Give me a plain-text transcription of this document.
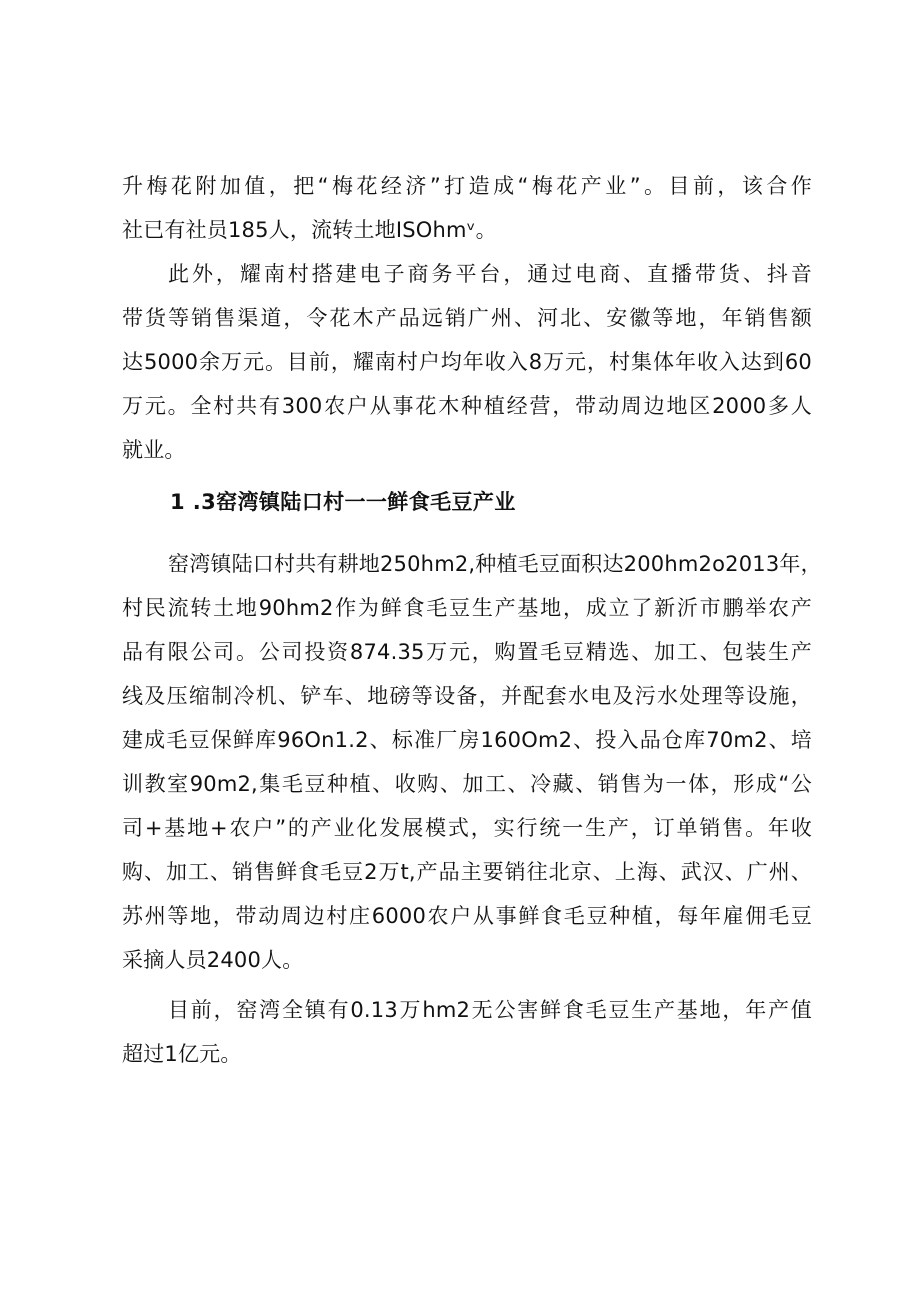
升梅花附加值，把“梅花经济”打造成“梅花产业”。目前，该合作
社已有社员185人，流转土地ISOhmᵛ。
此外，耀南村搭建电子商务平台，通过电商、直播带货、抖音
带货等销售渠道，令花木产品远销广州、河北、安徽等地，年销售额
达5000余万元。目前，耀南村户均年收入8万元，村集体年收入达到60
万元。全村共有300农户从事花木种植经营，带动周边地区2000多人
就业。
1 .3窑湾镇陆口村一一鲜食毛豆产业
窑湾镇陆口村共有耕地250hm2,种植毛豆面积达200hm2o2013年，
村民流转土地90hm2作为鲜食毛豆生产基地，成立了新沂市鹏举农产
品有限公司。公司投资874.35万元，购置毛豆精选、加工、包装生产
线及压缩制冷机、铲车、地磅等设备，并配套水电及污水处理等设施，
建成毛豆保鲜库96On1.2、标准厂房160Om2、投入品仓库70m2、培
训教室90m2,集毛豆种植、收购、加工、冷藏、销售为一体，形成“公
司+基地+农户”的产业化发展模式，实行统一生产，订单销售。年收
购、加工、销售鲜食毛豆2万t,产品主要销往北京、上海、武汉、广州、
苏州等地，带动周边村庄6000农户从事鲜食毛豆种植，每年雇佣毛豆
采摘人员2400人。
目前，窑湾全镇有0.13万hm2无公害鲜食毛豆生产基地，年产值
超过1亿元。
